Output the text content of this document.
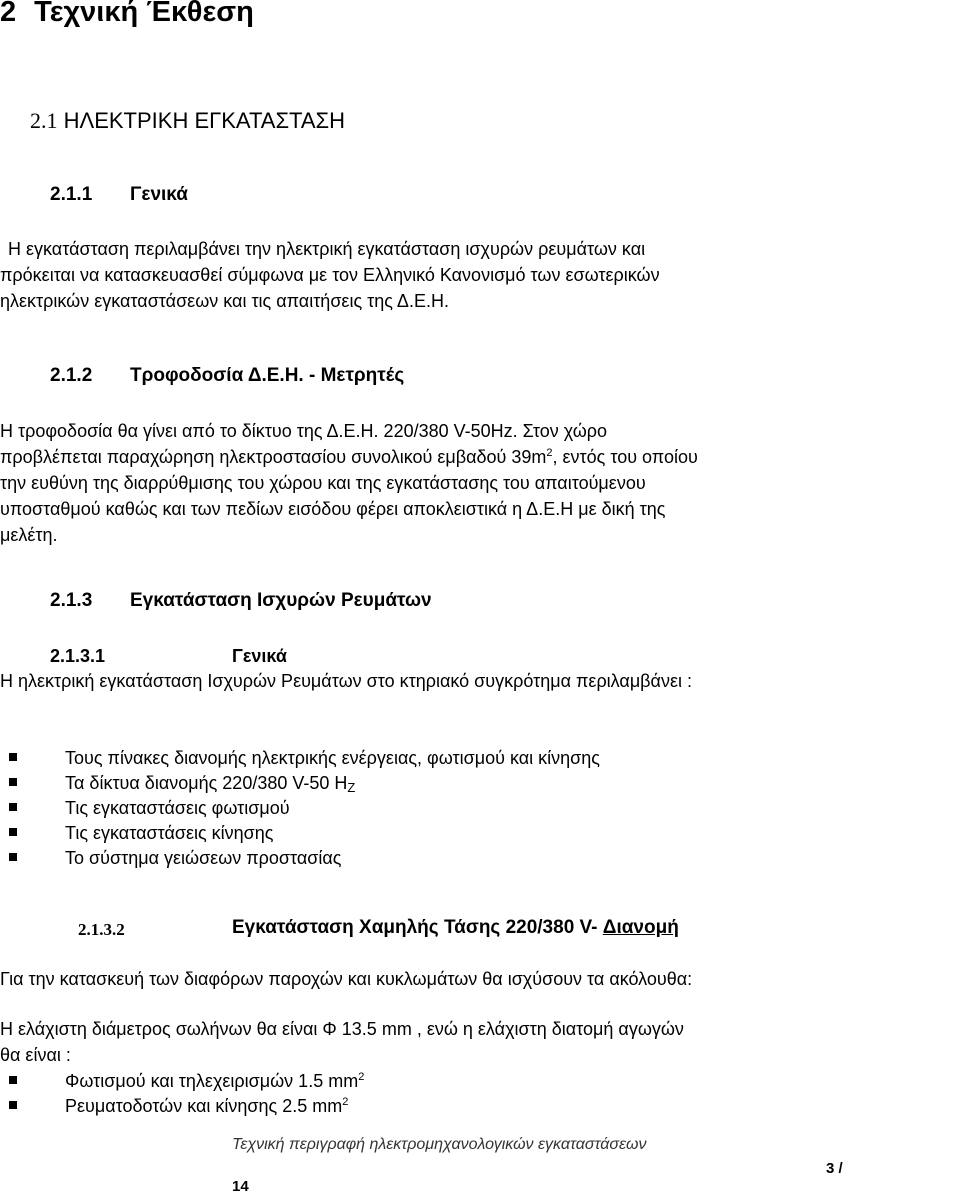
2 Τεχνική Έκθεση
2.1 ΗΛΕΚΤΡΙΚΗ ΕΓΚΑΤΑΣΤΑΣΗ
2.1.1 Γενικά
Η εγκατάσταση περιλαμβάνει την ηλεκτρική εγκατάσταση ισχυρών ρευμάτων και
πρόκειται να κατασκευασθεί σύμφωνα με τον Ελληνικό Κανονισμό των εσωτερικών
ηλεκτρικών εγκαταστάσεων και τις απαιτήσεις της Δ.Ε.Η.
2.1.2 Τροφοδοσία Δ.Ε.Η. - Μετρητές
Η τροφοδοσία θα γίνει από το δίκτυο της Δ.Ε.Η. 220/380 V-50Hz. Στον χώρο
προβλέπεται παραχώρηση ηλεκτροστασίου συνολικού εμβαδού $39m^2$, εντός του οποίου
την ευθύνη της διαρρύθμισης του χώρου και της εγκατάστασης του απαιτούμενου
υποσταθμού καθώς και των πεδίων εισόδου φέρει αποκλειστικά η Δ.Ε.Η με δική της
μελέτη.
2.1.3 Εγκατάσταση Ισχυρών Ρευμάτων
2.1.3.1	Γενικά
Η ηλεκτρική εγκατάσταση Ισχυρών Ρευμάτων στο κτηριακό συγκρότημα περιλαμβάνει :
Τους πίνακες διανομής ηλεκτρικής ενέργειας, φωτισμού και κίνησης
Τα δίκτυα διανομής 220/380 V-50 HZ
Τις εγκαταστάσεις φωτισμού
Τις εγκαταστάσεις κίνησης
Το σύστημα γειώσεων προστασίας
2.1.3.2	Εγκατάσταση Χαμηλής Τάσης 220/380 V- Διανομή
Για την κατασκευή των διαφόρων παροχών και κυκλωμάτων θα ισχύσουν τα ακόλουθα:
Η ελάχιστη διάμετρος σωλήνων θα είναι Φ 13.5 mm , ενώ η ελάχιστη διατομή αγωγών
θα είναι :
Φωτισμού και τηλεχειρισμών 1.5 $mm^2$
Ρευματοδοτών και κίνησης 2.5 $mm^2$
Τεχνική περιγραφή ηλεκτρομηχανολογικών εγκαταστάσεων
3 /
14
